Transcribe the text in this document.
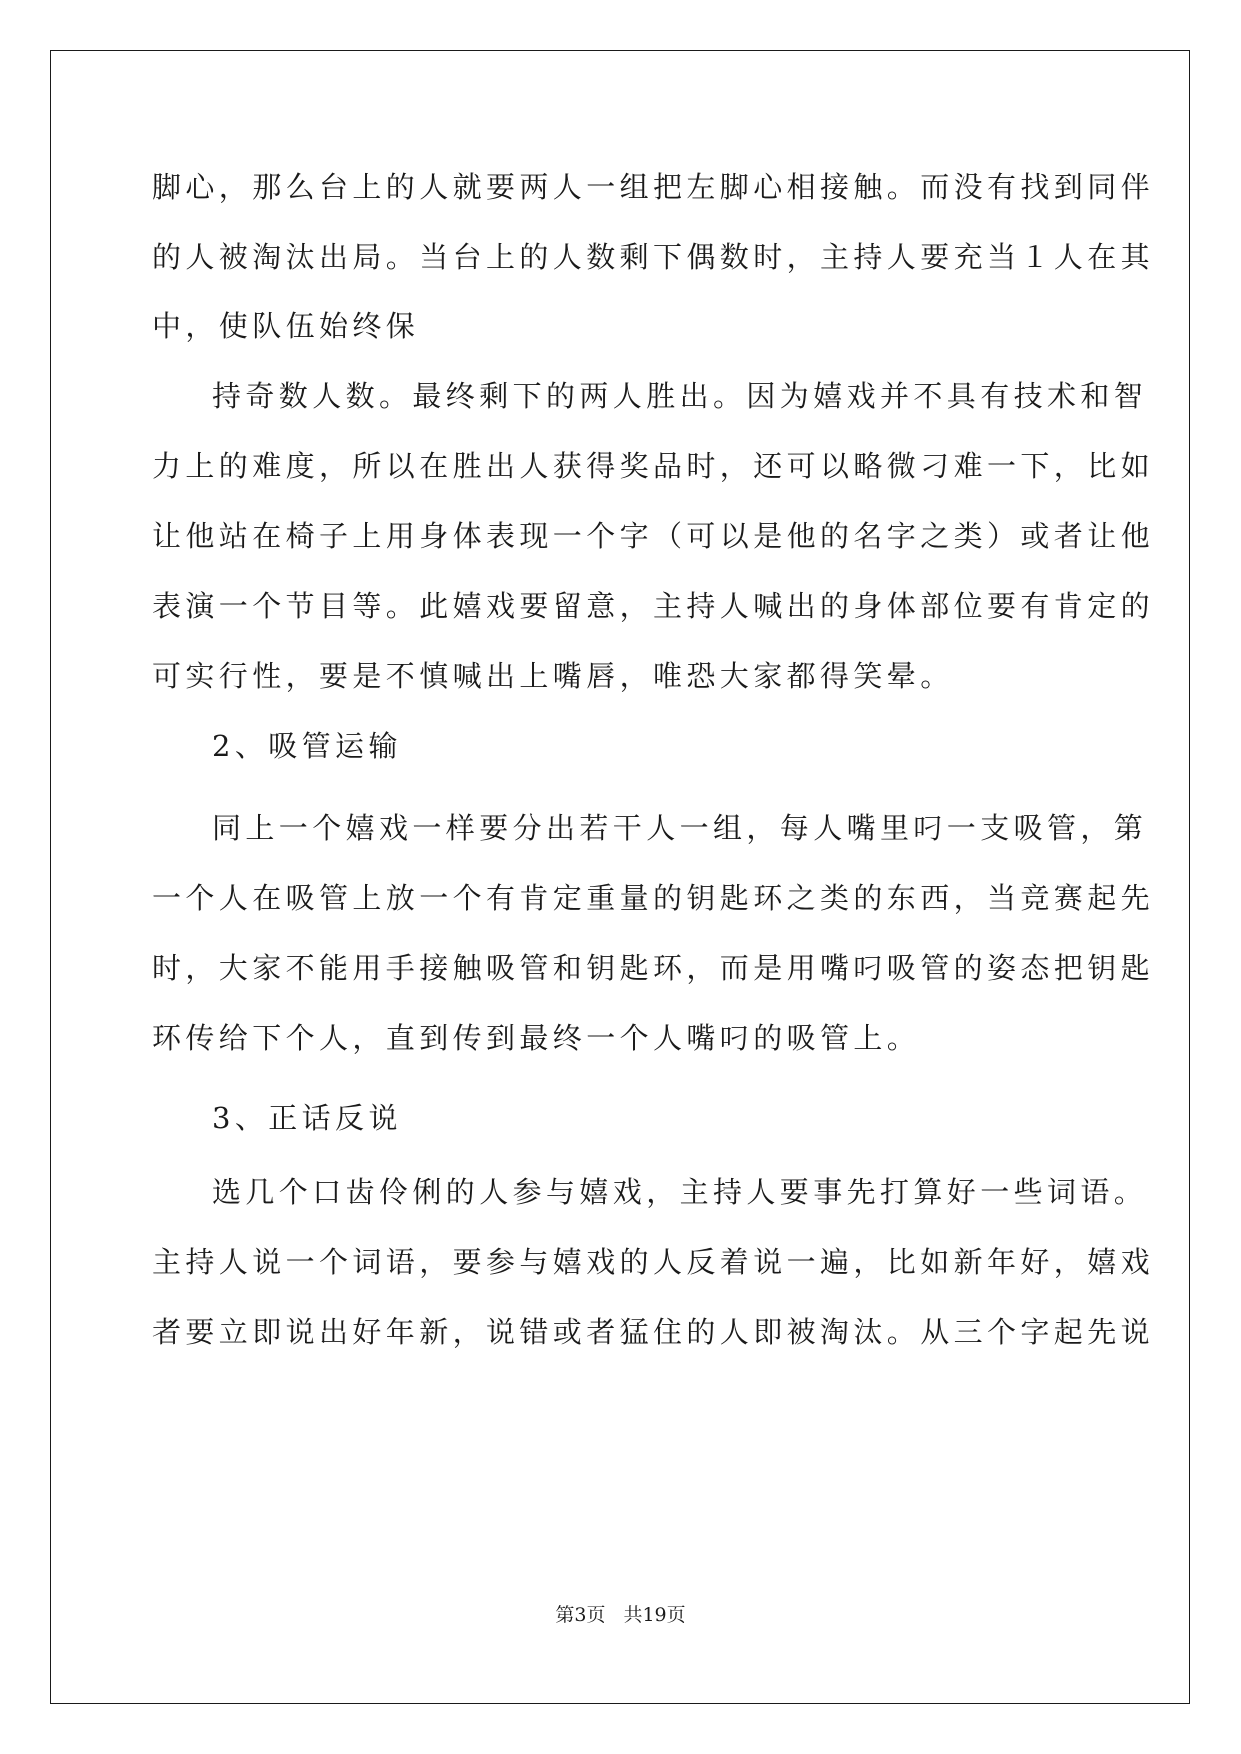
脚心，那么台上的人就要两人一组把左脚心相接触。而没有找到同伴
的人被淘汰出局。当台上的人数剩下偶数时，主持人要充当１人在其
中，使队伍始终保
持奇数人数。最终剩下的两人胜出。因为嬉戏并不具有技术和智
力上的难度，所以在胜出人获得奖品时，还可以略微刁难一下，比如
让他站在椅子上用身体表现一个字（可以是他的名字之类）或者让他
表演一个节目等。此嬉戏要留意，主持人喊出的身体部位要有肯定的
可实行性，要是不慎喊出上嘴唇，唯恐大家都得笑晕。
2、吸管运输
同上一个嬉戏一样要分出若干人一组，每人嘴里叼一支吸管，第
一个人在吸管上放一个有肯定重量的钥匙环之类的东西，当竞赛起先
时，大家不能用手接触吸管和钥匙环，而是用嘴叼吸管的姿态把钥匙
环传给下个人，直到传到最终一个人嘴叼的吸管上。
3、正话反说
选几个口齿伶俐的人参与嬉戏，主持人要事先打算好一些词语。
主持人说一个词语，要参与嬉戏的人反着说一遍，比如新年好，嬉戏
者要立即说出好年新，说错或者猛住的人即被淘汰。从三个字起先说
第3页 共19页
